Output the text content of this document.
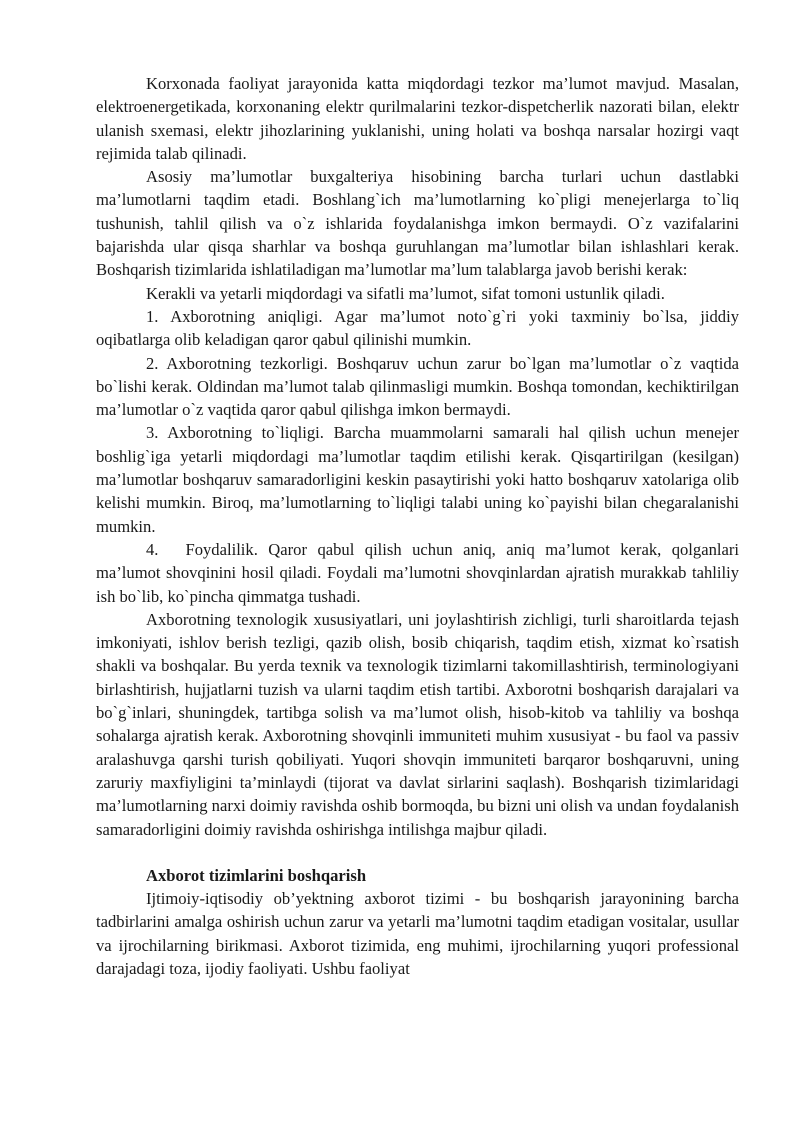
Korxonada faoliyat jarayonida katta miqdordagi tezkor ma’lumot mavjud. Masalan, elektroenergetikada, korxonaning elektr qurilmalarini tezkor-dispetcherlik nazorati bilan, elektr ulanish sxemasi, elektr jihozlarining yuklanishi, uning holati va boshqa narsalar hozirgi vaqt rejimida talab qilinadi.

Asosiy ma’lumotlar buxgalteriya hisobining barcha turlari uchun dastlabki ma’lumotlarni taqdim etadi. Boshlang`ich ma’lumotlarning ko`pligi menejerlarga to`liq tushunish, tahlil qilish va o`z ishlarida foydalanishga imkon bermaydi. O`z vazifalarini bajarishda ular qisqa sharhlar va boshqa guruhlangan ma’lumotlar bilan ishlashlari kerak. Boshqarish tizimlarida ishlatiladigan ma’lumotlar ma’lum talablarga javob berishi kerak:

Kerakli va yetarli miqdordagi va sifatli ma’lumot, sifat tomoni ustunlik qiladi.

1. Axborotning aniqligi. Agar ma’lumot noto`g`ri yoki taxminiy bo`lsa, jiddiy oqibatlarga olib keladigan qaror qabul qilinishi mumkin.

2. Axborotning tezkorligi. Boshqaruv uchun zarur bo`lgan ma’lumotlar o`z vaqtida bo`lishi kerak. Oldindan ma’lumot talab qilinmasligi mumkin. Boshqa tomondan, kechiktirilgan ma’lumotlar o`z vaqtida qaror qabul qilishga imkon bermaydi.

3. Axborotning to`liqligi. Barcha muammolarni samarali hal qilish uchun menejer boshlig`iga yetarli miqdordagi ma’lumotlar taqdim etilishi kerak. Qisqartirilgan (kesilgan) ma’lumotlar boshqaruv samaradorligini keskin pasaytirishi yoki hatto boshqaruv xatolariga olib kelishi mumkin. Biroq, ma’lumotlarning to`liqligi talabi uning ko`payishi bilan chegaralanishi mumkin.

4.  Foydalilik. Qaror qabul qilish uchun aniq, aniq ma’lumot kerak, qolganlari ma’lumot shovqinini hosil qiladi. Foydali ma’lumotni shovqinlardan ajratish murakkab tahliliy ish bo`lib, ko`pincha qimmatga tushadi.

Axborotning texnologik xususiyatlari, uni joylashtirish zichligi, turli sharoitlarda tejash imkoniyati, ishlov berish tezligi, qazib olish, bosib chiqarish, taqdim etish, xizmat ko`rsatish shakli va boshqalar. Bu yerda texnik va texnologik tizimlarni takomillashtirish, terminologiyani birlashtirish, hujjatlarni tuzish va ularni taqdim etish tartibi. Axborotni boshqarish darajalari va bo`g`inlari, shuningdek, tartibga solish va ma’lumot olish, hisob-kitob va tahliliy va boshqa sohalarga ajratish kerak. Axborotning shovqinli immuniteti muhim xususiyat - bu faol va passiv aralashuvga qarshi turish qobiliyati. Yuqori shovqin immuniteti barqaror boshqaruvni, uning zaruriy maxfiyligini ta’minlaydi (tijorat va davlat sirlarini saqlash). Boshqarish tizimlaridagi ma’lumotlarning narxi doimiy ravishda oshib bormoqda, bu bizni uni olish va undan foydalanish samaradorligini doimiy ravishda oshirishga intilishga majbur qiladi.

Axborot tizimlarini boshqarish

Ijtimoiy-iqtisodiy ob’yektning axborot tizimi - bu boshqarish jarayonining barcha tadbirlarini amalga oshirish uchun zarur va yetarli ma’lumotni taqdim etadigan vositalar, usullar va ijrochilarning birikmasi. Axborot tizimida, eng muhimi, ijrochilarning yuqori professional darajadagi toza, ijodiy faoliyati. Ushbu faoliyat
